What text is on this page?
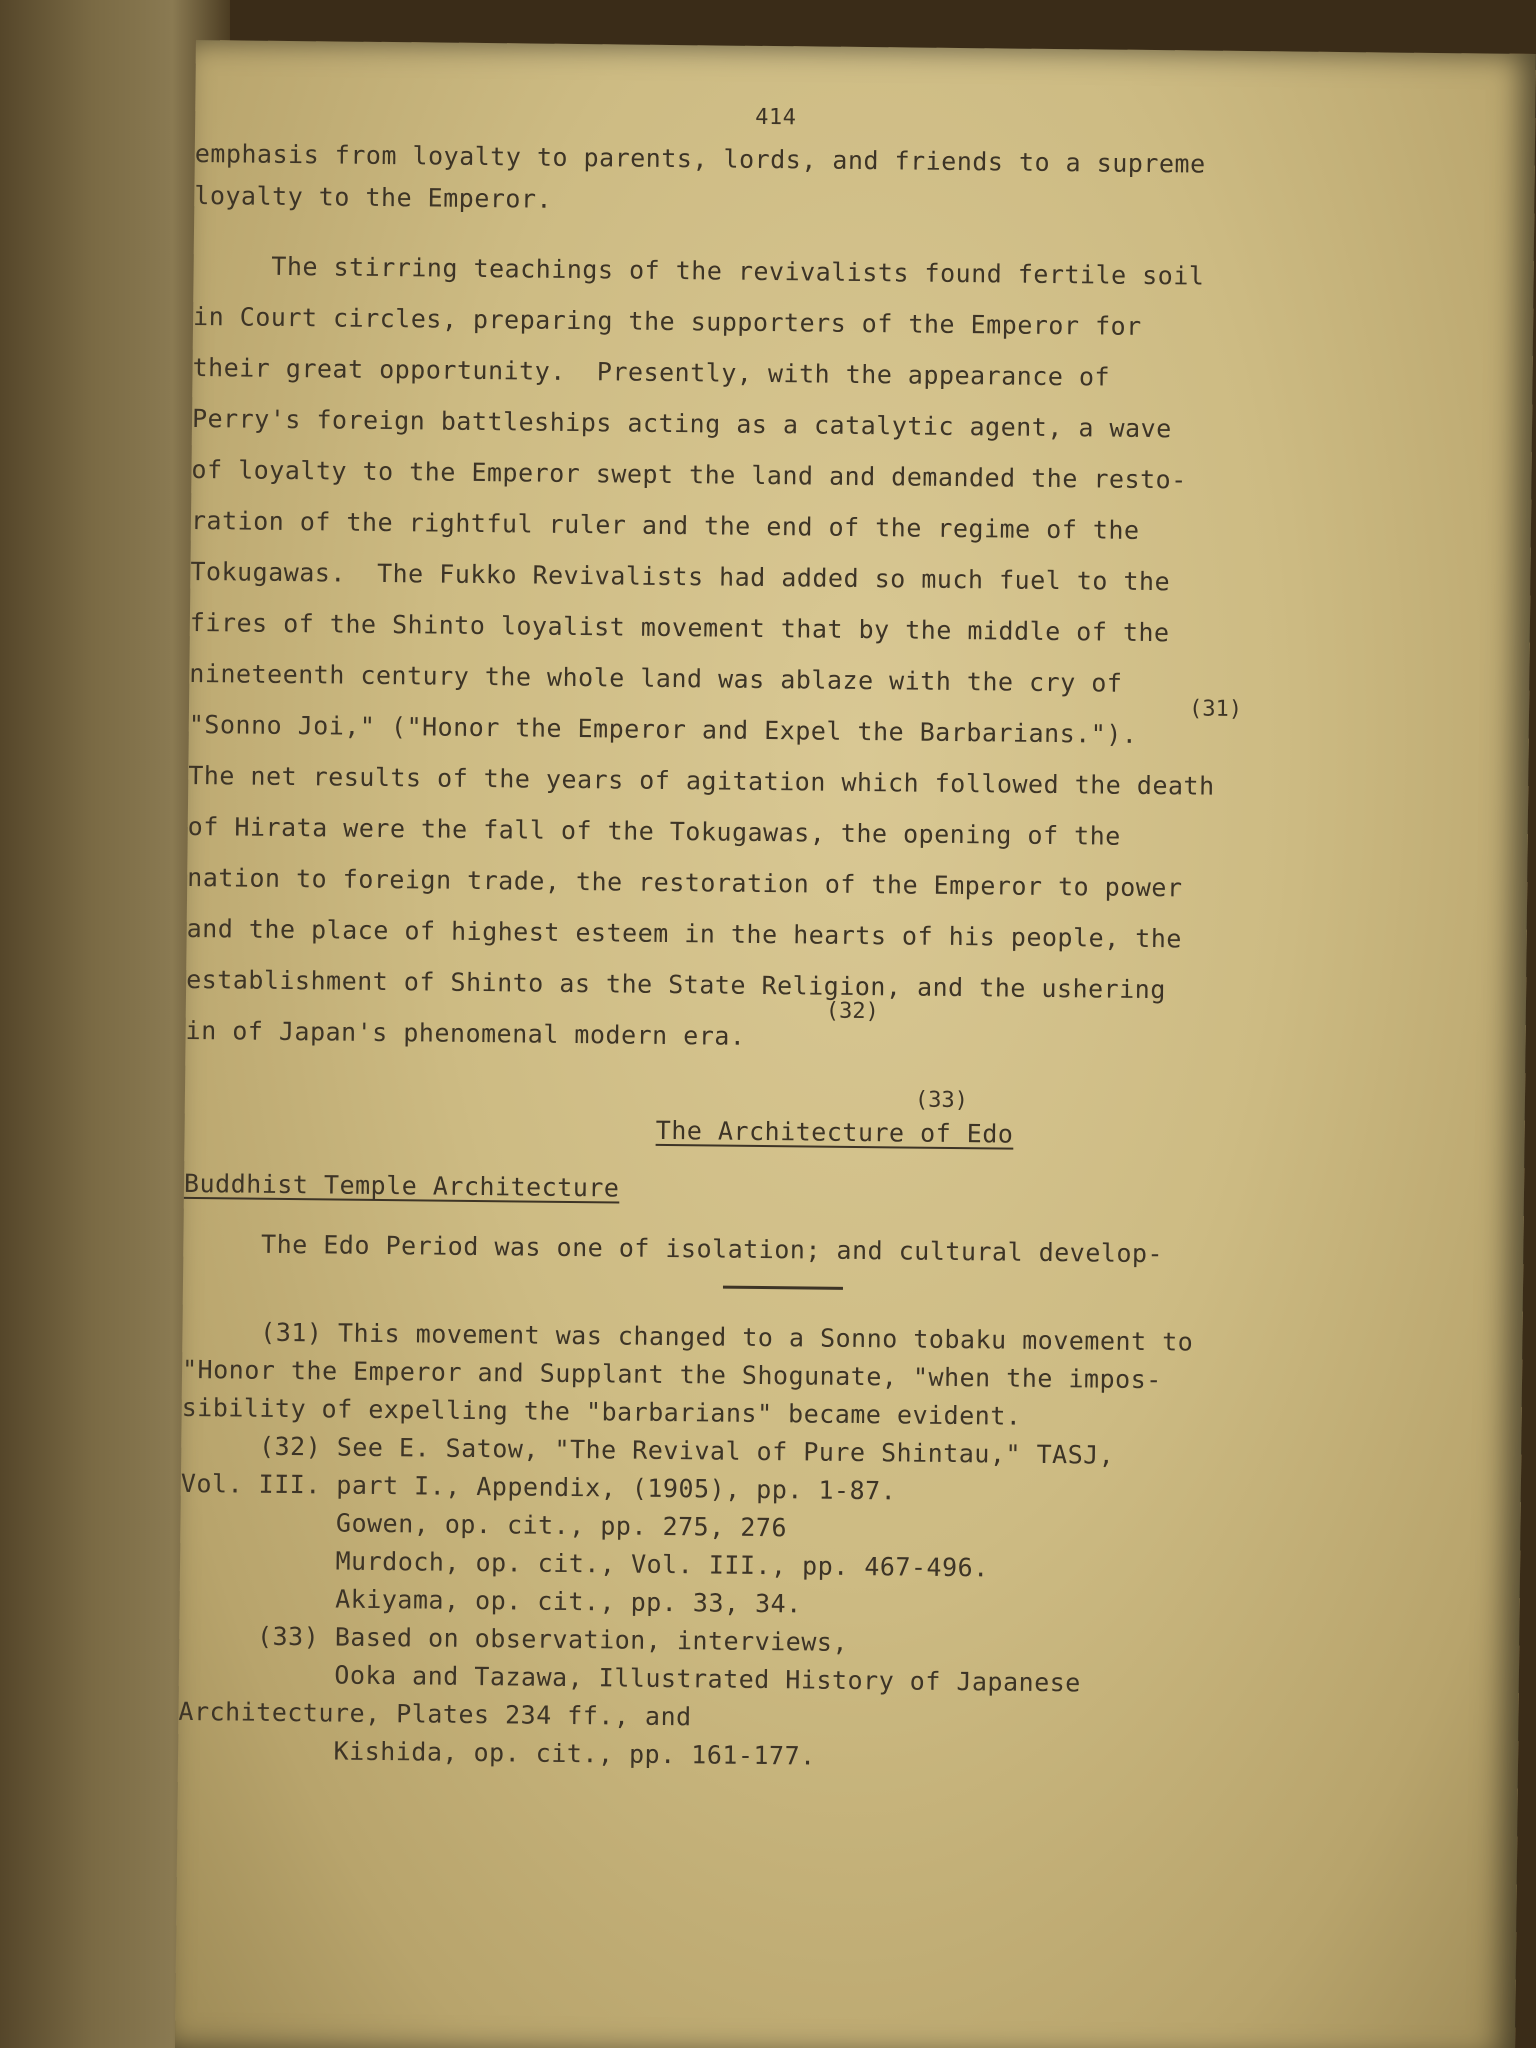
414
emphasis from loyalty to parents, lords, and friends to a supreme
loyalty to the Emperor.
The stirring teachings of the revivalists found fertile soil
in Court circles, preparing the supporters of the Emperor for
their great opportunity.  Presently, with the appearance of
Perry's foreign battleships acting as a catalytic agent, a wave
of loyalty to the Emperor swept the land and demanded the resto-
ration of the rightful ruler and the end of the regime of the
Tokugawas.  The Fukko Revivalists had added so much fuel to the
fires of the Shinto loyalist movement that by the middle of the
nineteenth century the whole land was ablaze with the cry of
(31)
"Sonno Joi," ("Honor the Emperor and Expel the Barbarians.").
The net results of the years of agitation which followed the death
of Hirata were the fall of the Tokugawas, the opening of the
nation to foreign trade, the restoration of the Emperor to power
and the place of highest esteem in the hearts of his people, the
establishment of Shinto as the State Religion, and the ushering
(32)
in of Japan's phenomenal modern era.
(33)
The Architecture of Edo
Buddhist Temple Architecture
The Edo Period was one of isolation; and cultural develop-
(31) This movement was changed to a Sonno tobaku movement to
"Honor the Emperor and Supplant the Shogunate, "when the impos-
sibility of expelling the "barbarians" became evident.
(32) See E. Satow, "The Revival of Pure Shintau," TASJ,
Vol. III. part I., Appendix, (1905), pp. 1-87.
Gowen, op. cit., pp. 275, 276
Murdoch, op. cit., Vol. III., pp. 467-496.
Akiyama, op. cit., pp. 33, 34.
(33) Based on observation, interviews,
Ooka and Tazawa, Illustrated History of Japanese
Architecture, Plates 234 ff., and
Kishida, op. cit., pp. 161-177.
